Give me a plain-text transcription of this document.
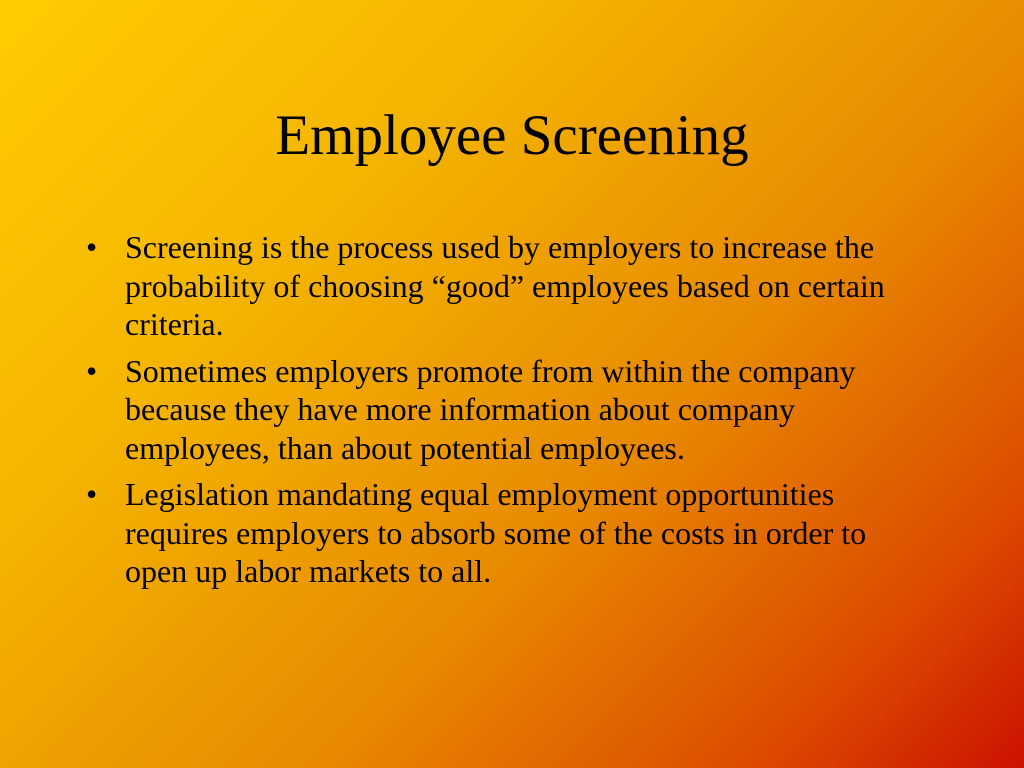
Employee Screening
• Screening is the process used by employers to increase the probability of choosing “good” employees based on certain criteria.
• Sometimes employers promote from within the company because they have more information about company employees, than about potential employees.
• Legislation mandating equal employment opportunities requires employers to absorb some of the costs in order to open up labor markets to all.
